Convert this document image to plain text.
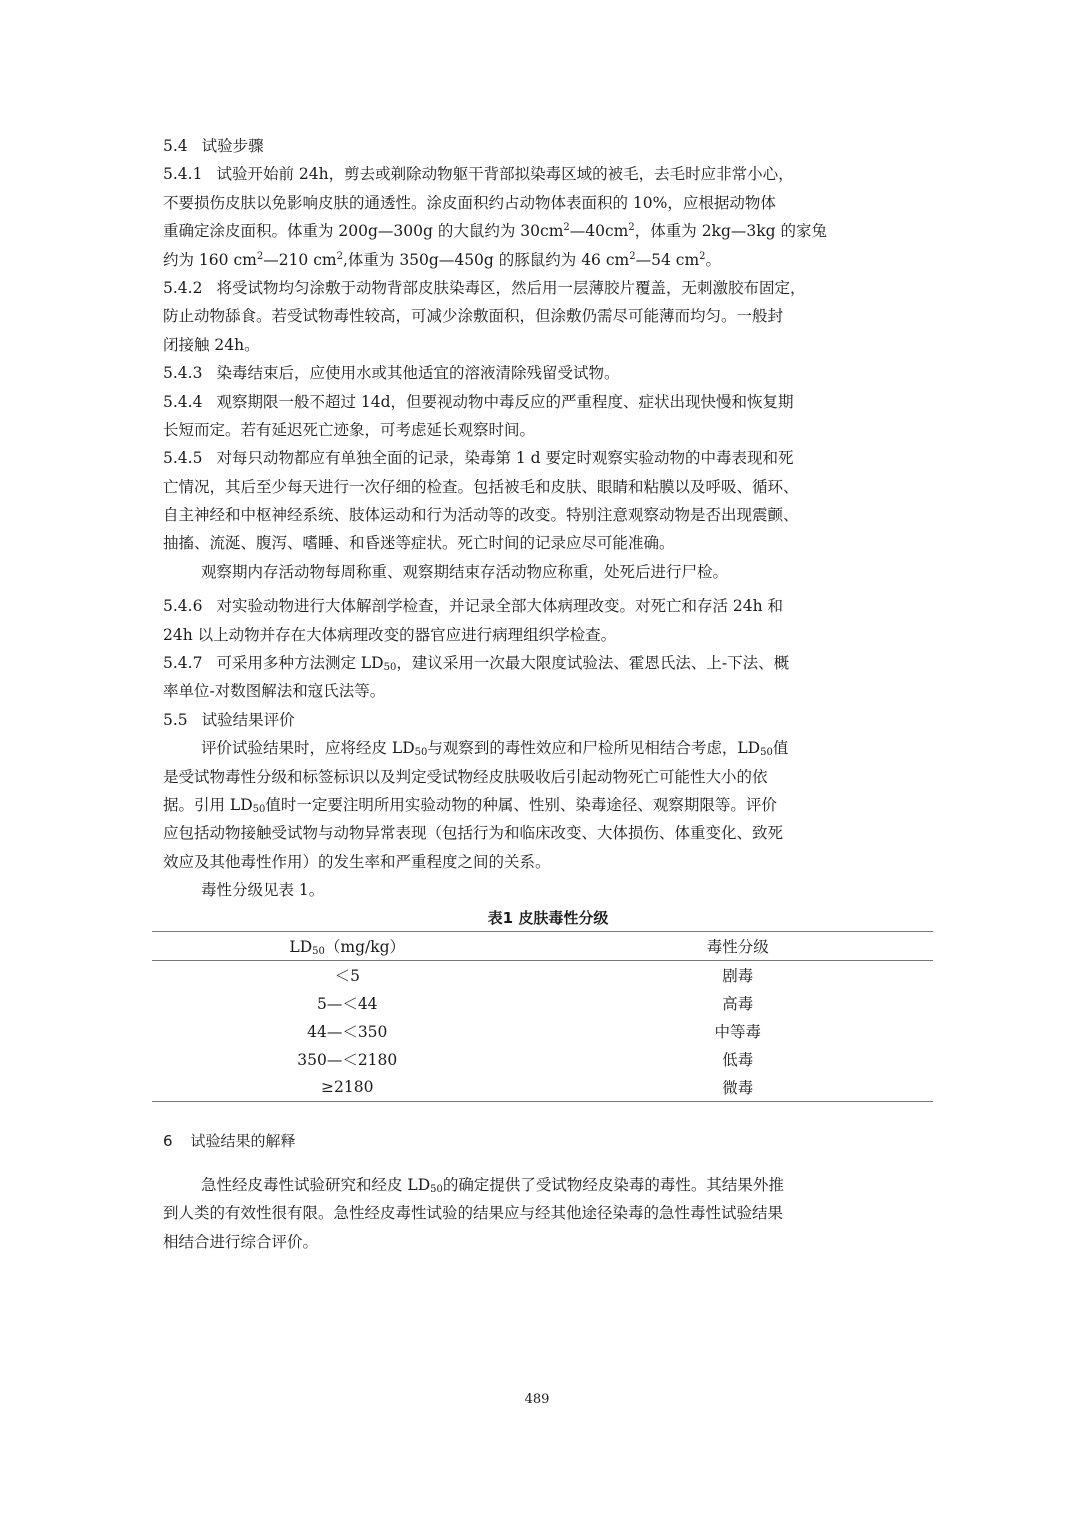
5.4 试验步骤
5.4.1 试验开始前 24h，剪去或剃除动物躯干背部拟染毒区域的被毛，去毛时应非常小心，
不要损伤皮肤以免影响皮肤的通透性。涂皮面积约占动物体表面积的 10%，应根据动物体
重确定涂皮面积。体重为 200g—300g 的大鼠约为 $30cm^2—40cm^2$，体重为 2kg—3kg 的家兔
约为 160 $cm^2—210$ $cm^2$,体重为 350g—450g 的豚鼠约为 46 $cm^2—54$ $cm^2$。
5.4.2 将受试物均匀涂敷于动物背部皮肤染毒区，然后用一层薄胶片覆盖，无刺激胶布固定，
防止动物舔食。若受试物毒性较高，可减少涂敷面积，但涂敷仍需尽可能薄而均匀。一般封
闭接触 24h。
5.4.3 染毒结束后，应使用水或其他适宜的溶液清除残留受试物。
5.4.4 观察期限一般不超过 14d，但要视动物中毒反应的严重程度、症状出现快慢和恢复期
长短而定。若有延迟死亡迹象，可考虑延长观察时间。
5.4.5 对每只动物都应有单独全面的记录，染毒第 1 d 要定时观察实验动物的中毒表现和死
亡情况，其后至少每天进行一次仔细的检查。包括被毛和皮肤、眼睛和粘膜以及呼吸、循环、
自主神经和中枢神经系统、肢体运动和行为活动等的改变。特别注意观察动物是否出现震颤、
抽搐、流涎、腹泻、嗜睡、和昏迷等症状。死亡时间的记录应尽可能准确。
观察期内存活动物每周称重、观察期结束存活动物应称重，处死后进行尸检。
5.4.6 对实验动物进行大体解剖学检查，并记录全部大体病理改变。对死亡和存活 24h 和
24h 以上动物并存在大体病理改变的器官应进行病理组织学检查。
5.4.7 可采用多种方法测定 $LD_{50}$，建议采用一次最大限度试验法、霍恩氏法、上-下法、概
率单位-对数图解法和寇氏法等。
5.5 试验结果评价
评价试验结果时，应将经皮 $LD_{50}$与观察到的毒性效应和尸检所见相结合考虑，$LD_{50}$值
是受试物毒性分级和标签标识以及判定受试物经皮肤吸收后引起动物死亡可能性大小的依
据。引用 $LD_{50}$值时一定要注明所用实验动物的种属、性别、染毒途径、观察期限等。评价
应包括动物接触受试物与动物异常表现（包括行为和临床改变、大体损伤、体重变化、致死
效应及其他毒性作用）的发生率和严重程度之间的关系。
毒性分级见表 1。
表1 皮肤毒性分级
$LD_{50}(mg/kg)$	毒性分级
＜5	剧毒
5—＜44	高毒
44—＜350	中等毒
350—＜2180	低毒
≥2180	微毒
6 试验结果的解释
急性经皮毒性试验研究和经皮 $LD_{50}$的确定提供了受试物经皮染毒的毒性。其结果外推
到人类的有效性很有限。急性经皮毒性试验的结果应与经其他途径染毒的急性毒性试验结果
相结合进行综合评价。
489
